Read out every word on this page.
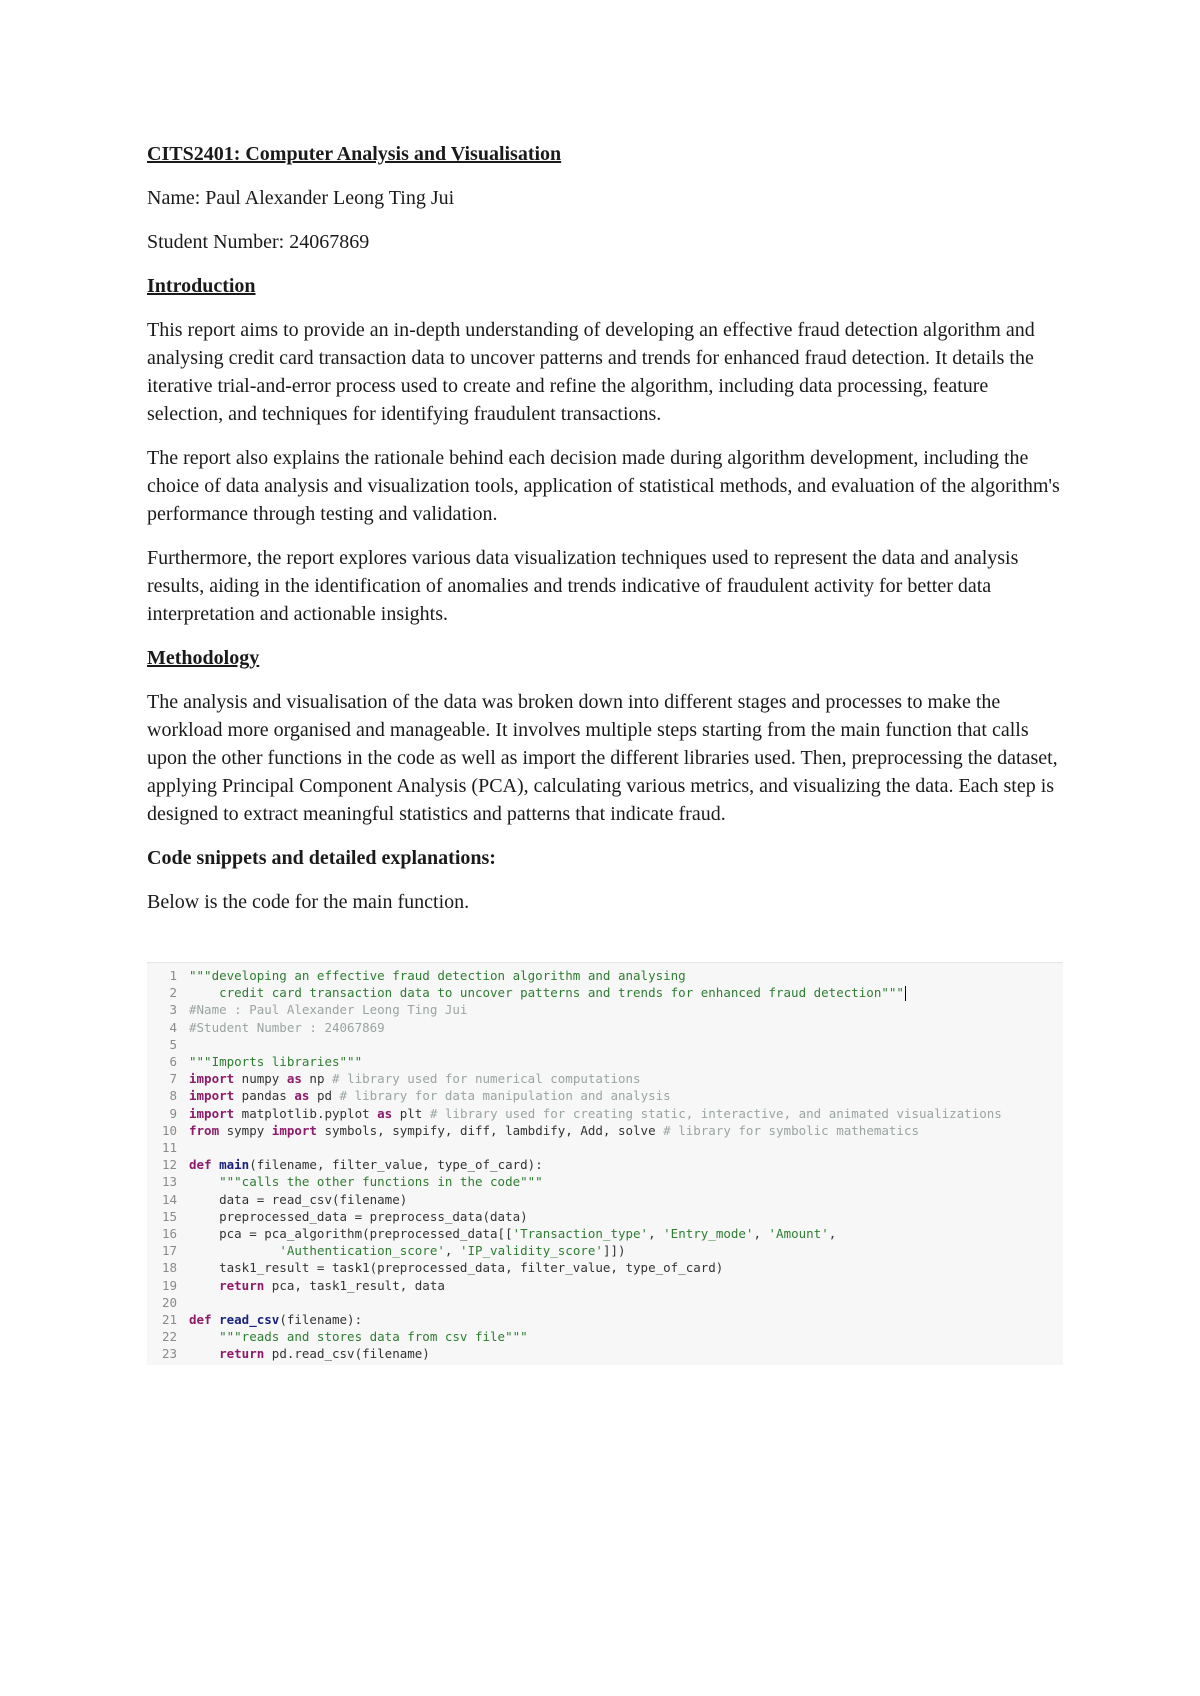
CITS2401: Computer Analysis and Visualisation

Name: Paul Alexander Leong Ting Jui

Student Number: 24067869

Introduction

This report aims to provide an in-depth understanding of developing an effective fraud detection algorithm and analysing credit card transaction data to uncover patterns and trends for enhanced fraud detection. It details the iterative trial-and-error process used to create and refine the algorithm, including data processing, feature selection, and techniques for identifying fraudulent transactions.

The report also explains the rationale behind each decision made during algorithm development, including the choice of data analysis and visualization tools, application of statistical methods, and evaluation of the algorithm's performance through testing and validation.

Furthermore, the report explores various data visualization techniques used to represent the data and analysis results, aiding in the identification of anomalies and trends indicative of fraudulent activity for better data interpretation and actionable insights.

Methodology

The analysis and visualisation of the data was broken down into different stages and processes to make the workload more organised and manageable. It involves multiple steps starting from the main function that calls upon the other functions in the code as well as import the different libraries used. Then, preprocessing the dataset, applying Principal Component Analysis (PCA), calculating various metrics, and visualizing the data. Each step is designed to extract meaningful statistics and patterns that indicate fraud.

Code snippets and detailed explanations:

Below is the code for the main function.

1 """developing an effective fraud detection algorithm and analysing
2    credit card transaction data to uncover patterns and trends for enhanced fraud detection"""
3 #Name : Paul Alexander Leong Ting Jui
4 #Student Number : 24067869
5
6 """Imports libraries"""
7 import numpy as np # library used for numerical computations
8 import pandas as pd # library for data manipulation and analysis
9 import matplotlib.pyplot as plt # library used for creating static, interactive, and animated visualizations
10 from sympy import symbols, sympify, diff, lambdify, Add, solve # library for symbolic mathematics
11
12 def main(filename, filter_value, type_of_card):
13    """calls the other functions in the code"""
14    data = read_csv(filename)
15    preprocessed_data = preprocess_data(data)
16    pca = pca_algorithm(preprocessed_data[['Transaction_type', 'Entry_mode', 'Amount',
17	'Authentication_score', 'IP_validity_score']])
18    task1_result = task1(preprocessed_data, filter_value, type_of_card)
19	return pca, task1_result, data
20
21 def read_csv(filename):
22    """reads and stores data from csv file"""
23	return pd.read_csv(filename)
